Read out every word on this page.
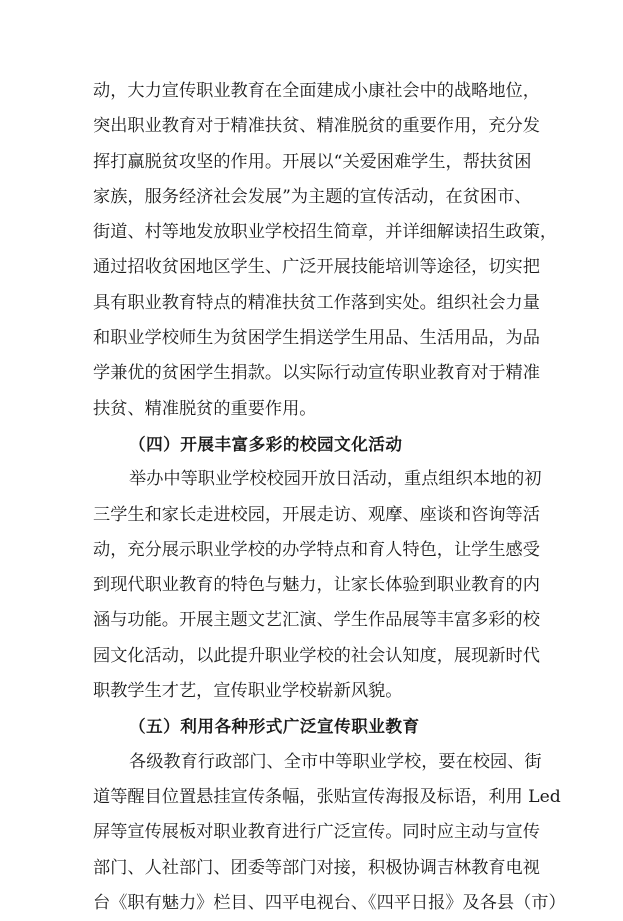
动，大力宣传职业教育在全面建成小康社会中的战略地位，
突出职业教育对于精准扶贫、精准脱贫的重要作用，充分发
挥打赢脱贫攻坚的作用。开展以“关爱困难学生，帮扶贫困
家族，服务经济社会发展”为主题的宣传活动，在贫困市、
街道、村等地发放职业学校招生简章，并详细解读招生政策，
通过招收贫困地区学生、广泛开展技能培训等途径，切实把
具有职业教育特点的精准扶贫工作落到实处。组织社会力量
和职业学校师生为贫困学生捐送学生用品、生活用品，为品
学兼优的贫困学生捐款。以实际行动宣传职业教育对于精准
扶贫、精准脱贫的重要作用。
（四）开展丰富多彩的校园文化活动
举办中等职业学校校园开放日活动，重点组织本地的初
三学生和家长走进校园，开展走访、观摩、座谈和咨询等活
动，充分展示职业学校的办学特点和育人特色，让学生感受
到现代职业教育的特色与魅力，让家长体验到职业教育的内
涵与功能。开展主题文艺汇演、学生作品展等丰富多彩的校
园文化活动，以此提升职业学校的社会认知度，展现新时代
职教学生才艺，宣传职业学校崭新风貌。
（五）利用各种形式广泛宣传职业教育
各级教育行政部门、全市中等职业学校，要在校园、街
道等醒目位置悬挂宣传条幅，张贴宣传海报及标语，利用 Led
屏等宣传展板对职业教育进行广泛宣传。同时应主动与宣传
部门、人社部门、团委等部门对接，积极协调吉林教育电视
台《职有魅力》栏目、四平电视台、《四平日报》及各县（市）
